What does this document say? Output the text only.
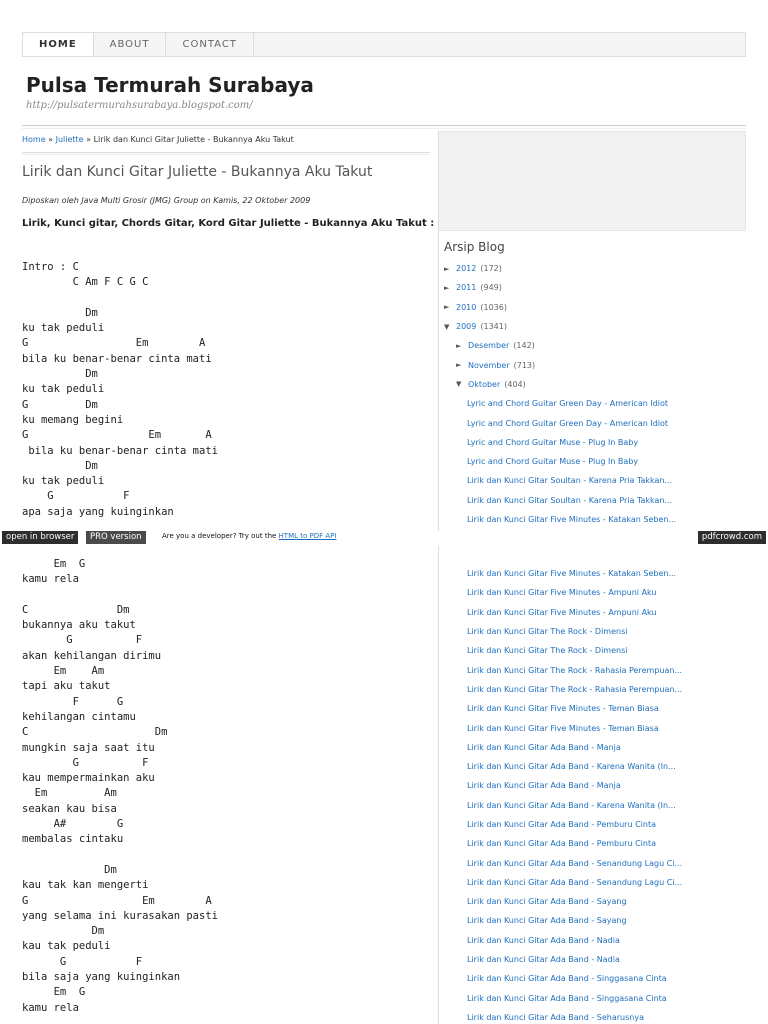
HOME	ABOUT	CONTACT
Pulsa Termurah Surabaya
http://pulsatermurahsurabaya.blogspot.com/
Home » Juliette » Lirik dan Kunci Gitar Juliette - Bukannya Aku Takut
Lirik dan Kunci Gitar Juliette - Bukannya Aku Takut
Diposkan oleh Java Multi Grosir (JMG) Group on Kamis, 22 Oktober 2009
Lirik, Kunci gitar, Chords Gitar, Kord Gitar Juliette - Bukannya Aku Takut :
Intro : C
C Am F C G C

Dm
ku tak peduli
G                 Em        A
bila ku benar-benar cinta mati
Dm
ku tak peduli
G         Dm
ku memang begini
G                   Em       A
bila ku benar-benar cinta mati
Dm
ku tak peduli
G           F
apa saja yang kuinginkan
Em  G
kamu rela

C              Dm
bukannya aku takut
G          F
akan kehilangan dirimu
Em    Am
tapi aku takut
F      G
kehilangan cintamu
C                    Dm
mungkin saja saat itu
G          F
kau mempermainkan aku
Em         Am
seakan kau bisa
A#        G
membalas cintaku

Dm
kau tak kan mengerti
G                  Em        A
yang selama ini kurasakan pasti
Dm
kau tak peduli
G           F
bila saja yang kuinginkan
Em  G
kamu rela
Arsip Blog
► 2012 (172)
► 2011 (949)
► 2010 (1036)
▼ 2009 (1341)
► Desember (142)
► November (713)
▼ Oktober (404)
Lyric and Chord Guitar Green Day - American Idiot
Lyric and Chord Guitar Green Day - American Idiot
Lyric and Chord Guitar Muse - Plug In Baby
Lyric and Chord Guitar Muse - Plug In Baby
Lirik dan Kunci Gitar Soultan - Karena Pria Takkan...
Lirik dan Kunci Gitar Soultan - Karena Pria Takkan...
Lirik dan Kunci Gitar Five Minutes - Katakan Seben...
Lirik dan Kunci Gitar Five Minutes - Katakan Seben...
Lirik dan Kunci Gitar Five Minutes - Ampuni Aku
Lirik dan Kunci Gitar Five Minutes - Ampuni Aku
Lirik dan Kunci Gitar The Rock - Dimensi
Lirik dan Kunci Gitar The Rock - Dimensi
Lirik dan Kunci Gitar The Rock - Rahasia Perempuan...
Lirik dan Kunci Gitar The Rock - Rahasia Perempuan...
Lirik dan Kunci Gitar Five Minutes - Teman Biasa
Lirik dan Kunci Gitar Five Minutes - Teman Biasa
Lirik dan Kunci Gitar Ada Band - Manja
Lirik dan Kunci Gitar Ada Band - Karena Wanita (In...
Lirik dan Kunci Gitar Ada Band - Manja
Lirik dan Kunci Gitar Ada Band - Karena Wanita (In...
Lirik dan Kunci Gitar Ada Band - Pemburu Cinta
Lirik dan Kunci Gitar Ada Band - Pemburu Cinta
Lirik dan Kunci Gitar Ada Band - Senandung Lagu Ci...
Lirik dan Kunci Gitar Ada Band - Senandung Lagu Ci...
Lirik dan Kunci Gitar Ada Band - Sayang
Lirik dan Kunci Gitar Ada Band - Sayang
Lirik dan Kunci Gitar Ada Band - Nadia
Lirik dan Kunci Gitar Ada Band - Nadia
Lirik dan Kunci Gitar Ada Band - Singgasana Cinta
Lirik dan Kunci Gitar Ada Band - Singgasana Cinta
Lirik dan Kunci Gitar Ada Band - Seharusnya
open in browser	PRO version	Are you a developer? Try out the HTML to PDF API	pdfcrowd.com
